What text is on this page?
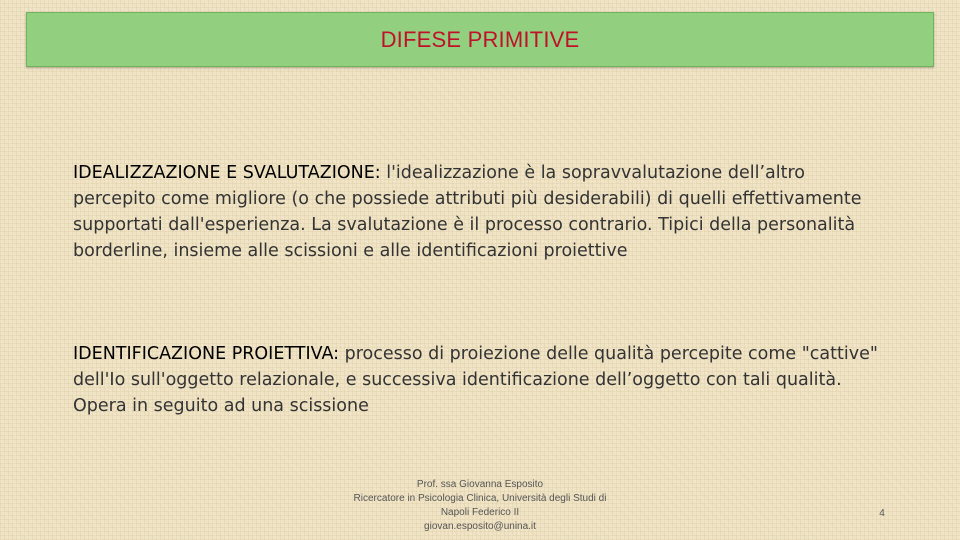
DIFESE PRIMITIVE
IDEALIZZAZIONE E SVALUTAZIONE: l'idealizzazione è la sopravvalutazione dell’altro percepito come migliore (o che possiede attributi più desiderabili) di quelli effettivamente supportati dall'esperienza. La svalutazione è il processo contrario. Tipici della personalità borderline, insieme alle scissioni e alle identificazioni proiettive
IDENTIFICAZIONE PROIETTIVA: processo di proiezione delle qualità percepite come "cattive" dell'Io sull'oggetto relazionale, e successiva identificazione dell’oggetto con tali qualità. Opera in seguito ad una scissione
Prof. ssa Giovanna Esposito
Ricercatore in Psicologia Clinica, Università degli Studi di
Napoli Federico II
giovan.esposito@unina.it
4
